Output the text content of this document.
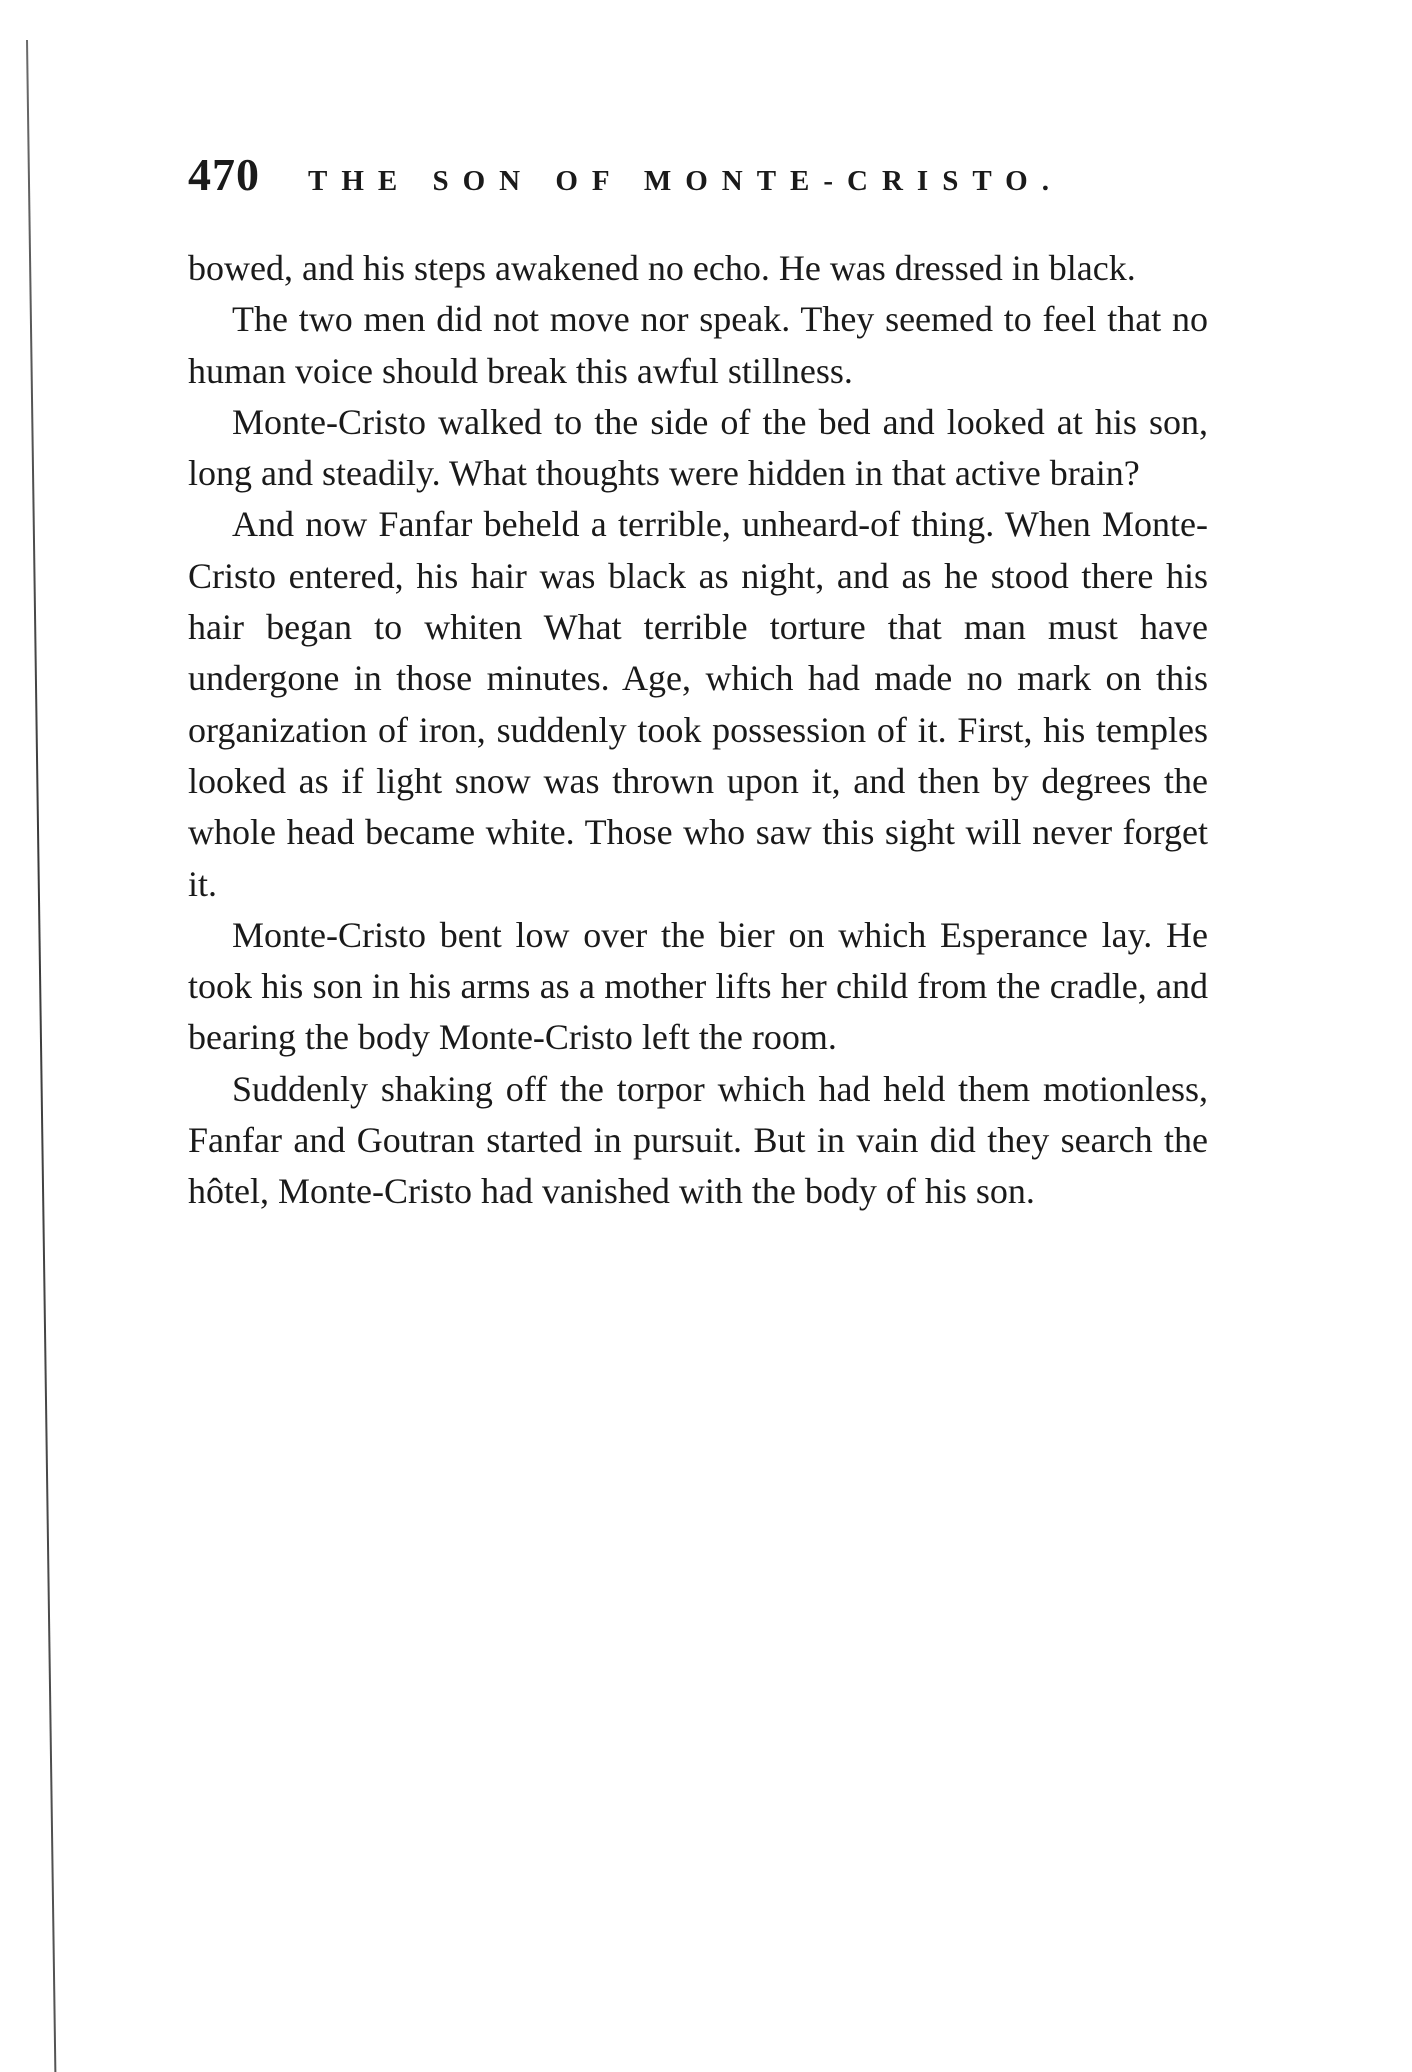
470 THE SON OF MONTE-CRISTO.

bowed, and his steps awakened no echo. He was dressed in black.

The two men did not move nor speak. They seemed to feel that no human voice should break this awful stillness.

Monte-Cristo walked to the side of the bed and looked at his son, long and steadily. What thoughts were hidden in that active brain?

And now Fanfar beheld a terrible, unheard-of thing. When Monte-Cristo entered, his hair was black as night, and as he stood there his hair began to whiten What terrible torture that man must have undergone in those minutes. Age, which had made no mark on this organization of iron, suddenly took possession of it. First, his temples looked as if light snow was thrown upon it, and then by degrees the whole head became white. Those who saw this sight will never forget it.

Monte-Cristo bent low over the bier on which Esperance lay. He took his son in his arms as a mother lifts her child from the cradle, and bearing the body Monte-Cristo left the room.

Suddenly shaking off the torpor which had held them motionless, Fanfar and Goutran started in pursuit. But in vain did they search the hôtel, Monte-Cristo had vanished with the body of his son.
